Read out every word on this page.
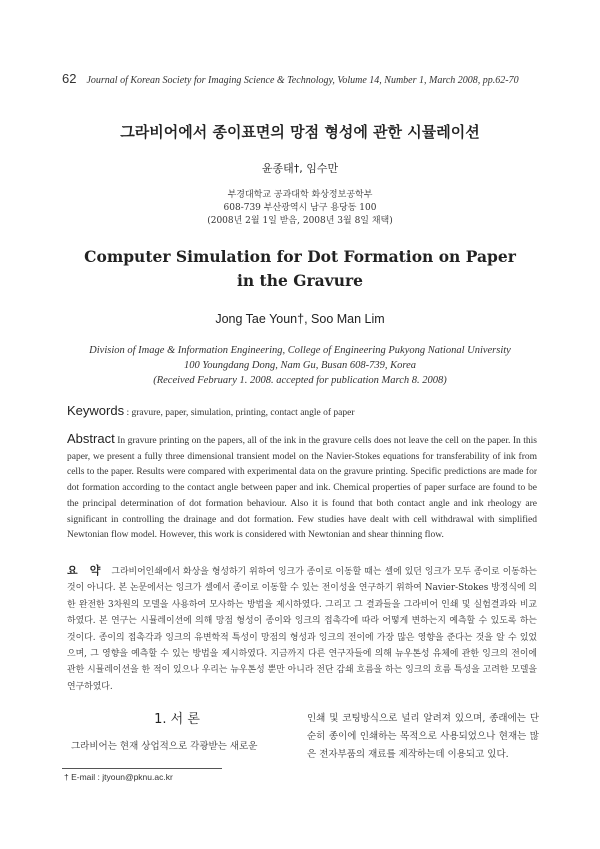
62 Journal of Korean Society for Imaging Science & Technology, Volume 14, Number 1, March 2008, pp.62-70
그라비어에서 종이표면의 망점 형성에 관한 시뮬레이션
윤종태†, 임수만
부경대학교 공과대학 화상정보공학부
608-739 부산광역시 남구 용당동 100
(2008년 2월 1일 받음, 2008년 3월 8일 채택)
Computer Simulation for Dot Formation on Paper
in the Gravure
Jong Tae Youn†, Soo Man Lim
Division of Image & Information Engineering, College of Engineering Pukyong National University
100 Youngdang Dong, Nam Gu, Busan 608-739, Korea
(Received February 1. 2008. accepted for publication March 8. 2008)
Keywords : gravure, paper, simulation, printing, contact angle of paper
Abstract In gravure printing on the papers, all of the ink in the gravure cells does not leave the cell on the paper. In this paper, we present a fully three dimensional transient model on the Navier-Stokes equations for transferability of ink from cells to the paper. Results were compared with experimental data on the gravure printing. Specific predictions are made for dot formation according to the contact angle between paper and ink. Chemical properties of paper surface are found to be the principal determination of dot formation behaviour. Also it is found that both contact angle and ink rheology are significant in controlling the drainage and dot formation. Few studies have dealt with cell withdrawal with simplified Newtonian flow model. However, this work is considered with Newtonian and shear thinning flow.
요 약 그라비어인쇄에서 화상을 형성하기 위하여 잉크가 종이로 이동할 때는 셀에 있던 잉크가 모두 종이로 이동하는 것이 아니다. 본 논문에서는 잉크가 셀에서 종이로 이동할 수 있는 전이성을 연구하기 위하여 Navier-Stokes 방정식에 의한 완전한 3차원의 모델을 사용하여 모사하는 방법을 제시하였다. 그리고 그 결과들을 그라비어 인쇄 및 실험결과와 비교하였다. 본 연구는 시뮬레이션에 의해 망점 형성이 종이와 잉크의 접촉각에 따라 어떻게 변하는지 예측할 수 있도록 하는 것이다. 종이의 접촉각과 잉크의 유변학적 특성이 망점의 형성과 잉크의 전이에 가장 많은 영향을 준다는 것을 알 수 있었으며, 그 영향을 예측할 수 있는 방법을 제시하였다. 지금까지 다른 연구자들에 의해 뉴우톤성 유체에 관한 잉크의 전이에 관한 시뮬레이션을 한 적이 있으나 우리는 뉴우톤성 뿐만 아니라 전단 감쇄 흐름을 하는 잉크의 흐름 특성을 고려한 모델을 연구하였다.
1. 서 론
그라비어는 현재 상업적으로 각광받는 새로운
인쇄 및 코팅방식으로 널리 알려져 있으며, 종래에는 단순히 종이에 인쇄하는 목적으로 사용되었으나 현재는 많은 전자부품의 재료를 제작하는데 이용되고 있다.
† E-mail : jtyoun@pknu.ac.kr
